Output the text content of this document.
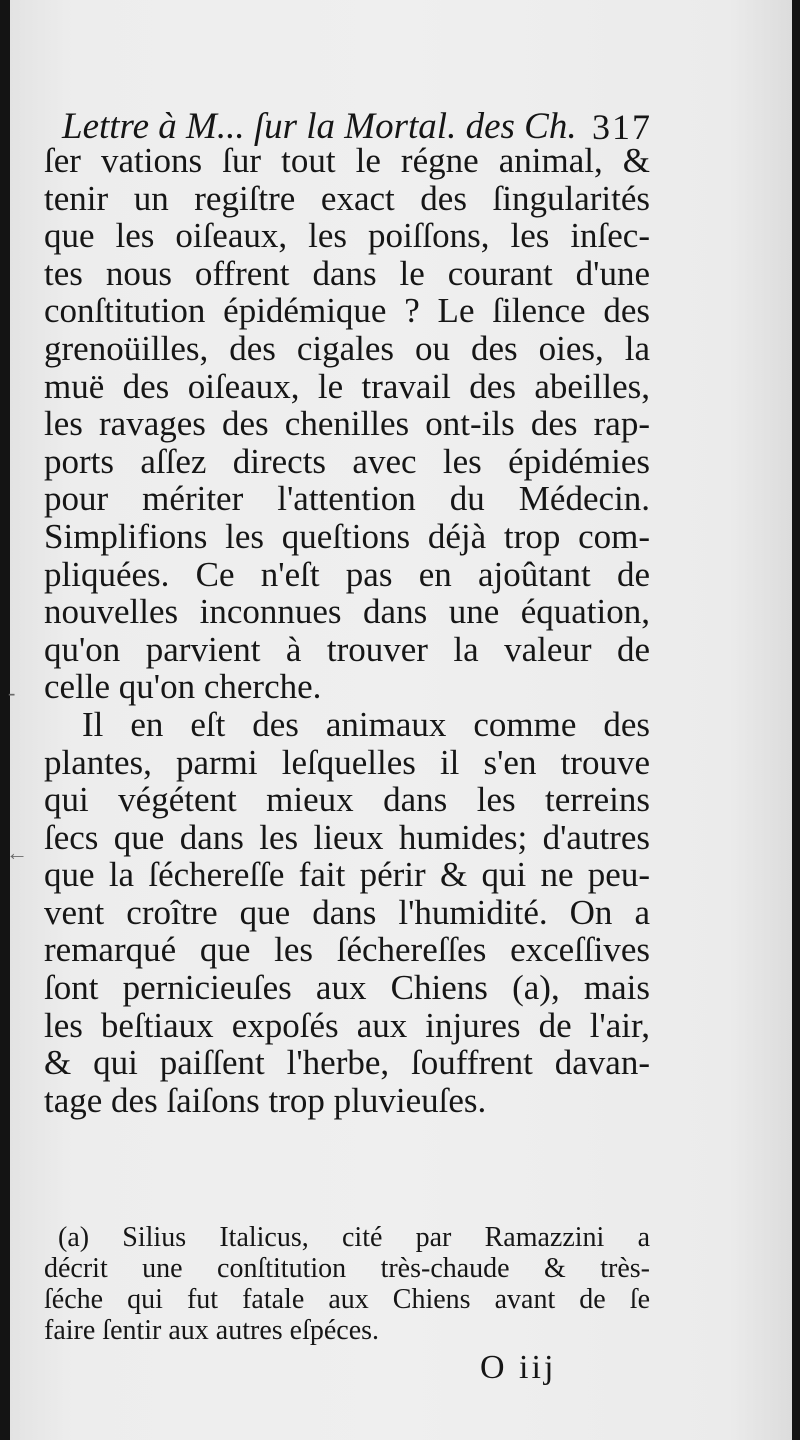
Lettre à M... ſur la Mortal. des Ch. 317
ſer vations ſur tout le régne animal, &
tenir un regiſtre exact des ſingularités
que les oiſeaux, les poiſſons, les inſec-
tes nous offrent dans le courant d'une
conſtitution épidémique ? Le ſilence des
grenoüilles, des cigales ou des oies, la
muë des oiſeaux, le travail des abeilles,
les ravages des chenilles ont-ils des rap-
ports aſſez directs avec les épidémies
pour mériter l'attention du Médecin.
Simplifions les queſtions déjà trop com-
pliquées. Ce n'eſt pas en ajoûtant de
nouvelles inconnues dans une équation,
qu'on parvient à trouver la valeur de
celle qu'on cherche.
Il en eſt des animaux comme des
plantes, parmi leſquelles il s'en trouve
qui végétent mieux dans les terreins
ſecs que dans les lieux humides; d'autres
que la ſéchereſſe fait périr & qui ne peu-
vent croître que dans l'humidité. On a
remarqué que les ſéchereſſes exceſſives
ſont pernicieuſes aux Chiens (a), mais
les beſtiaux expoſés aux injures de l'air,
& qui paiſſent l'herbe, ſouffrent davan-
tage des ſaiſons trop pluvieuſes.
(a) Silius Italicus, cité par Ramazzini a
décrit une conſtitution très-chaude & très-
ſéche qui fut fatale aux Chiens avant de ſe
faire ſentir aux autres eſpéces.
O iij
-
←
